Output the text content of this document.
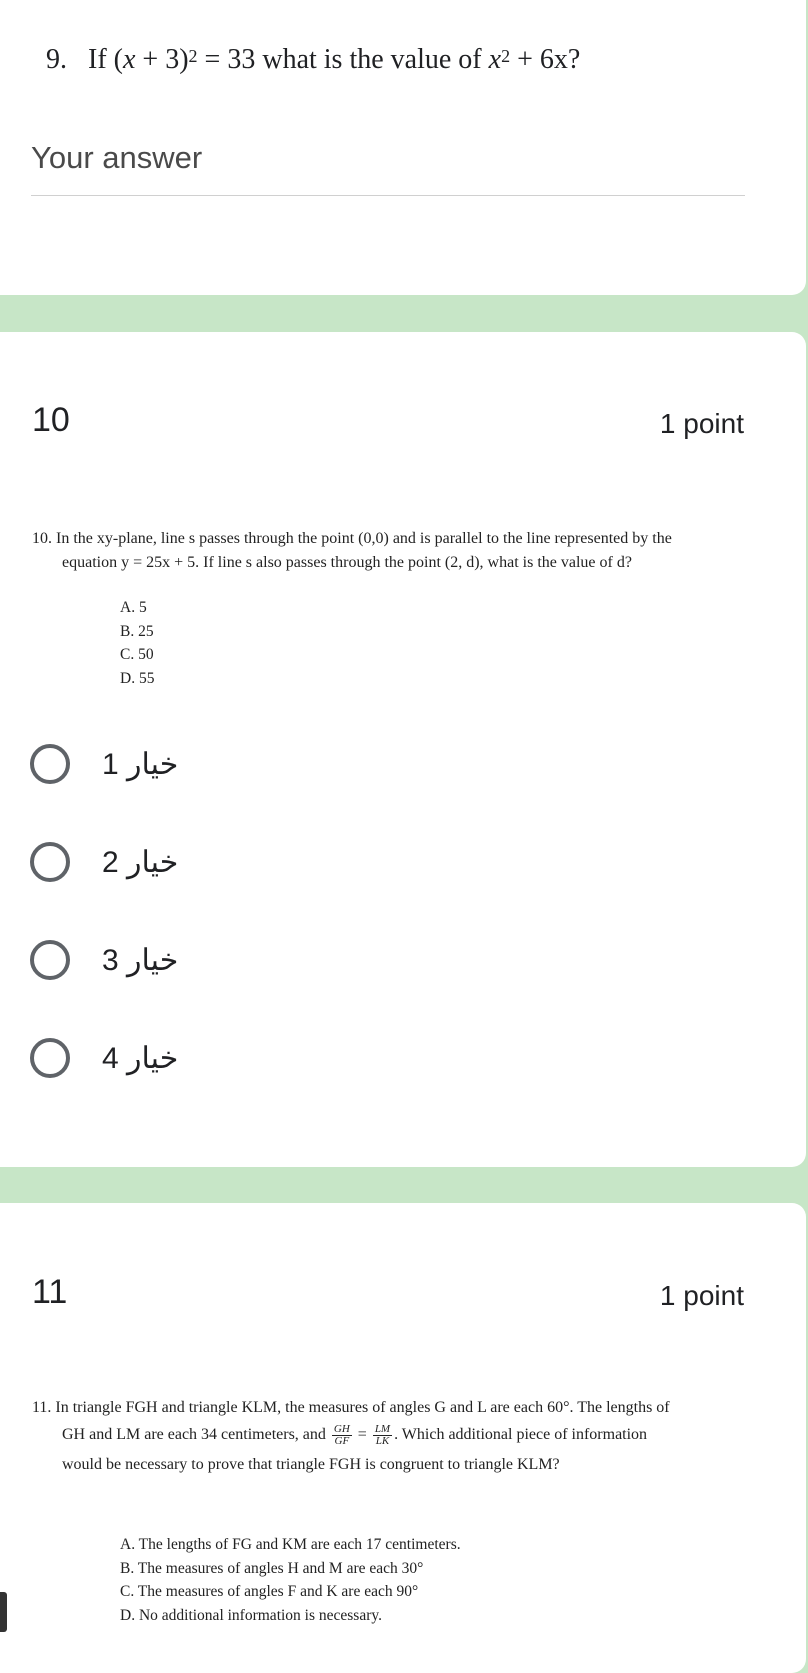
9. If $(x + 3)^2 = 33$ what is the value of $x^2 + 6x$?
Your answer
10	1 point
10. In the xy-plane, line s passes through the point (0,0) and is parallel to the line represented by the
equation y = 25x + 5. If line s also passes through the point (2, d), what is the value of d?
A. 5
B. 25
C. 50
D. 55
1 خيار
2 خيار
3 خيار
4 خيار
11	1 point
11. In triangle FGH and triangle KLM, the measures of angles G and L are each 60°. The lengths of
GH and LM are each 34 centimeters, and $\frac{GH}{GF} = \frac{LM}{LK}$ . Which additional piece of information
would be necessary to prove that triangle FGH is congruent to triangle KLM?
A. The lengths of FG and KM are each 17 centimeters.
B. The measures of angles H and M are each 30°
C. The measures of angles F and K are each 90°
D. No additional information is necessary.
